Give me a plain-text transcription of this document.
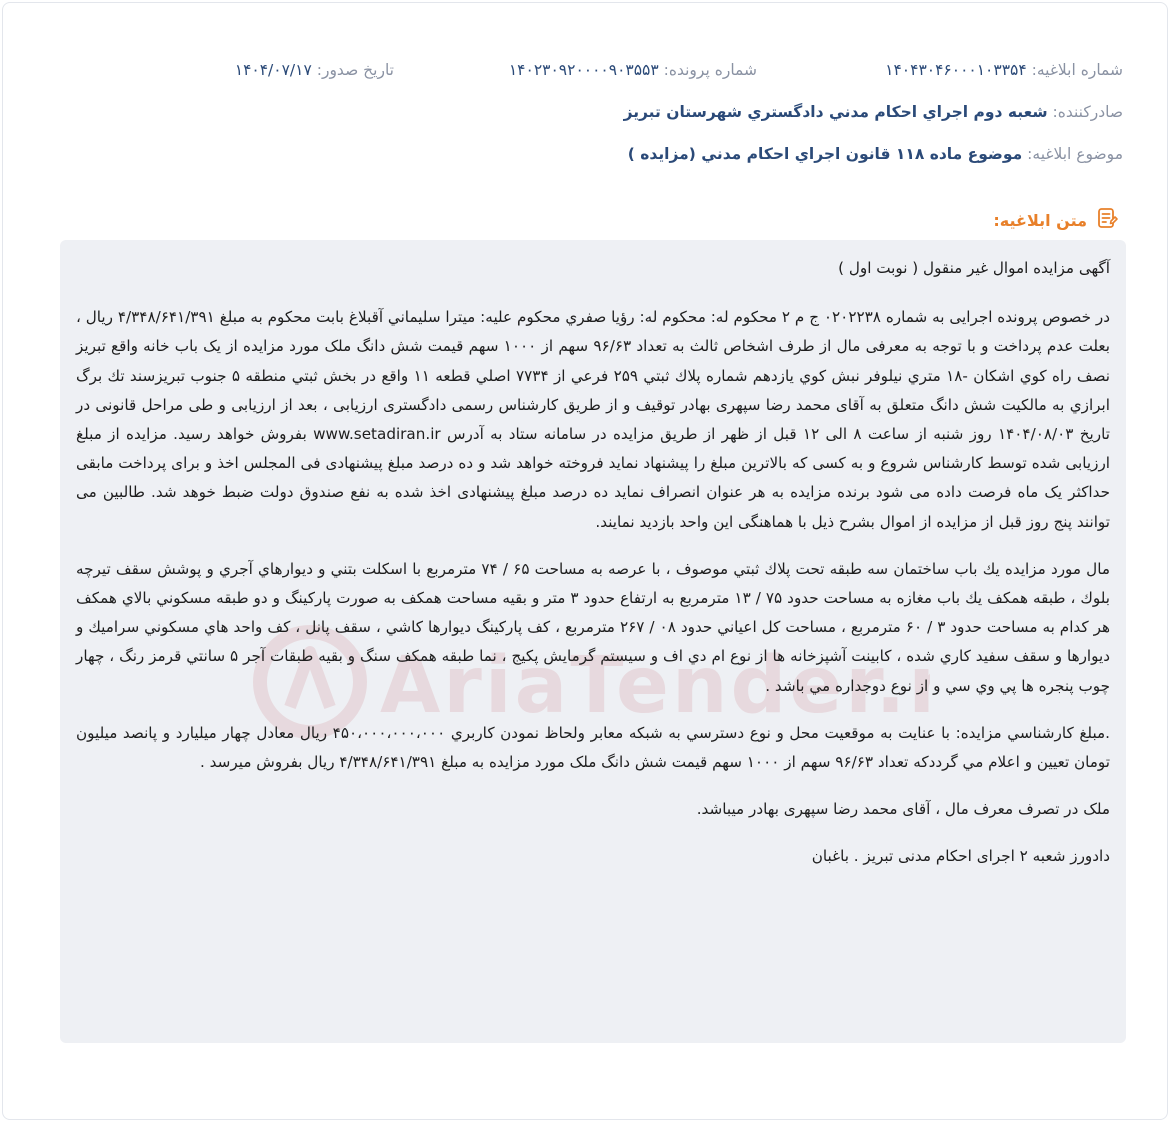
شماره ابلاغیه: ۱۴۰۴۳۰۴۶۰۰۰۱۰۳۳۵۴
شماره پرونده: ۱۴۰۲۳۰۹۲۰۰۰۰۹۰۳۵۵۳
تاریخ صدور: ۱۴۰۴/۰۷/۱۷
صادرکننده: شعبه دوم اجراي احكام مدني دادگستري شهرستان تبريز
موضوع ابلاغیه: موضوع ماده ۱۱۸ قانون اجراي احكام مدني (مزايده )
متن ابلاغیه:
AriaTender.

آگهی مزایده اموال غیر منقول ( نوبت اول )

در خصوص پرونده اجرایی به شماره ۰۲۰۲۲۳۸ ج م ۲ محکوم له: محکوم له: رؤيا صفري محكوم عليه: ميترا سليماني آقبلاغ بابت محکوم به مبلغ ۴/۳۴۸/۶۴۱/۳۹۱ ریال ، بعلت عدم پرداخت و با توجه به معرفی مال از طرف اشخاص ثالث به تعداد ۹۶/۶۳ سهم از ۱۰۰۰ سهم قيمت شش دانگ ملک مورد مزایده از یک باب خانه واقع تبریز نصف راه کوي اشکان -۱۸ متري نيلوفر نبش کوي يازدهم شماره پلاك ثبتي ۲۵۹ فرعي از ۷۷۳۴ اصلي قطعه ۱۱ واقع در بخش ثبتي منطقه ۵ جنوب تبريزسند تك برگ ابرازي به مالکيت شش دانگ متعلق به آقای محمد رضا سپهری بهادر توقیف و از طریق کارشناس رسمی دادگستری ارزیابی ، بعد از ارزیابی و طی مراحل قانونی در تاریخ ۱۴۰۴/۰۸/۰۳ روز شنبه از ساعت ۸ الی ۱۲ قبل از ظهر از طریق مزایده در سامانه ستاد به آدرس www.setadiran.ir بفروش خواهد رسید. مزایده از مبلغ ارزیابی شده توسط کارشناس شروع و به کسی که بالاترین مبلغ را پیشنهاد نماید فروخته خواهد شد و ده درصد مبلغ پیشنهادی فی المجلس اخذ و برای پرداخت مابقی حداکثر یک ماه فرصت داده می شود برنده مزایده به هر عنوان انصراف نماید ده درصد مبلغ پیشنهادی اخذ شده به نفع صندوق دولت ضبط خوهد شد. طالبین می توانند پنج روز قبل از مزایده از اموال بشرح ذیل با هماهنگی این واحد بازدید نمایند.

مال مورد مزايده يك باب ساختمان سه طبقه تحت پلاك ثبتي موصوف ، با عرصه به مساحت ۶۵ / ۷۴ مترمربع با اسكلت بتني و ديوارهاي آجري و پوشش سقف تيرچه بلوك ، طبقه همكف يك باب مغازه به مساحت حدود ۷۵ / ۱۳ مترمربع به ارتفاع حدود ۳ متر و بقيه مساحت همكف به صورت پاركينگ و دو طبقه مسكوني بالاي همكف هر كدام به مساحت حدود ۳ / ۶۰ مترمربع ، مساحت كل اعياني حدود ۰۸ / ۲۶۷ مترمربع ، كف پاركينگ ديوارها كاشي ، سقف پانل ، كف واحد هاي مسكوني سراميك و ديوارها و سقف سفيد كاري شده ، كابينت آشپزخانه ها از نوع ام دي اف و سيستم گرمايش پكيج ، نما طبقه همكف سنگ و بقيه طبقات آجر ۵ سانتي قرمز رنگ ، چهار چوب پنجره ها پي وي سي و از نوع دوجداره مي باشد .

.مبلغ كارشناسي مزايده: با عنايت به موقعيت محل و نوع دسترسي به شبكه معابر ولحاظ نمودن كاربري ۴۵۰،۰۰۰،۰۰۰،۰۰۰ ريال معادل چهار ميليارد و پانصد ميليون تومان تعيين و اعلام مي گرددكه تعداد ۹۶/۶۳ سهم از ۱۰۰۰ سهم قيمت شش دانگ ملک مورد مزایده به مبلغ ۴/۳۴۸/۶۴۱/۳۹۱ ریال بفروش میرسد .

ملک در تصرف معرف مال ، آقای محمد رضا سپهری بهادر میباشد.

دادورز شعبه ۲ اجرای احکام مدنی تبریز . باغبان
